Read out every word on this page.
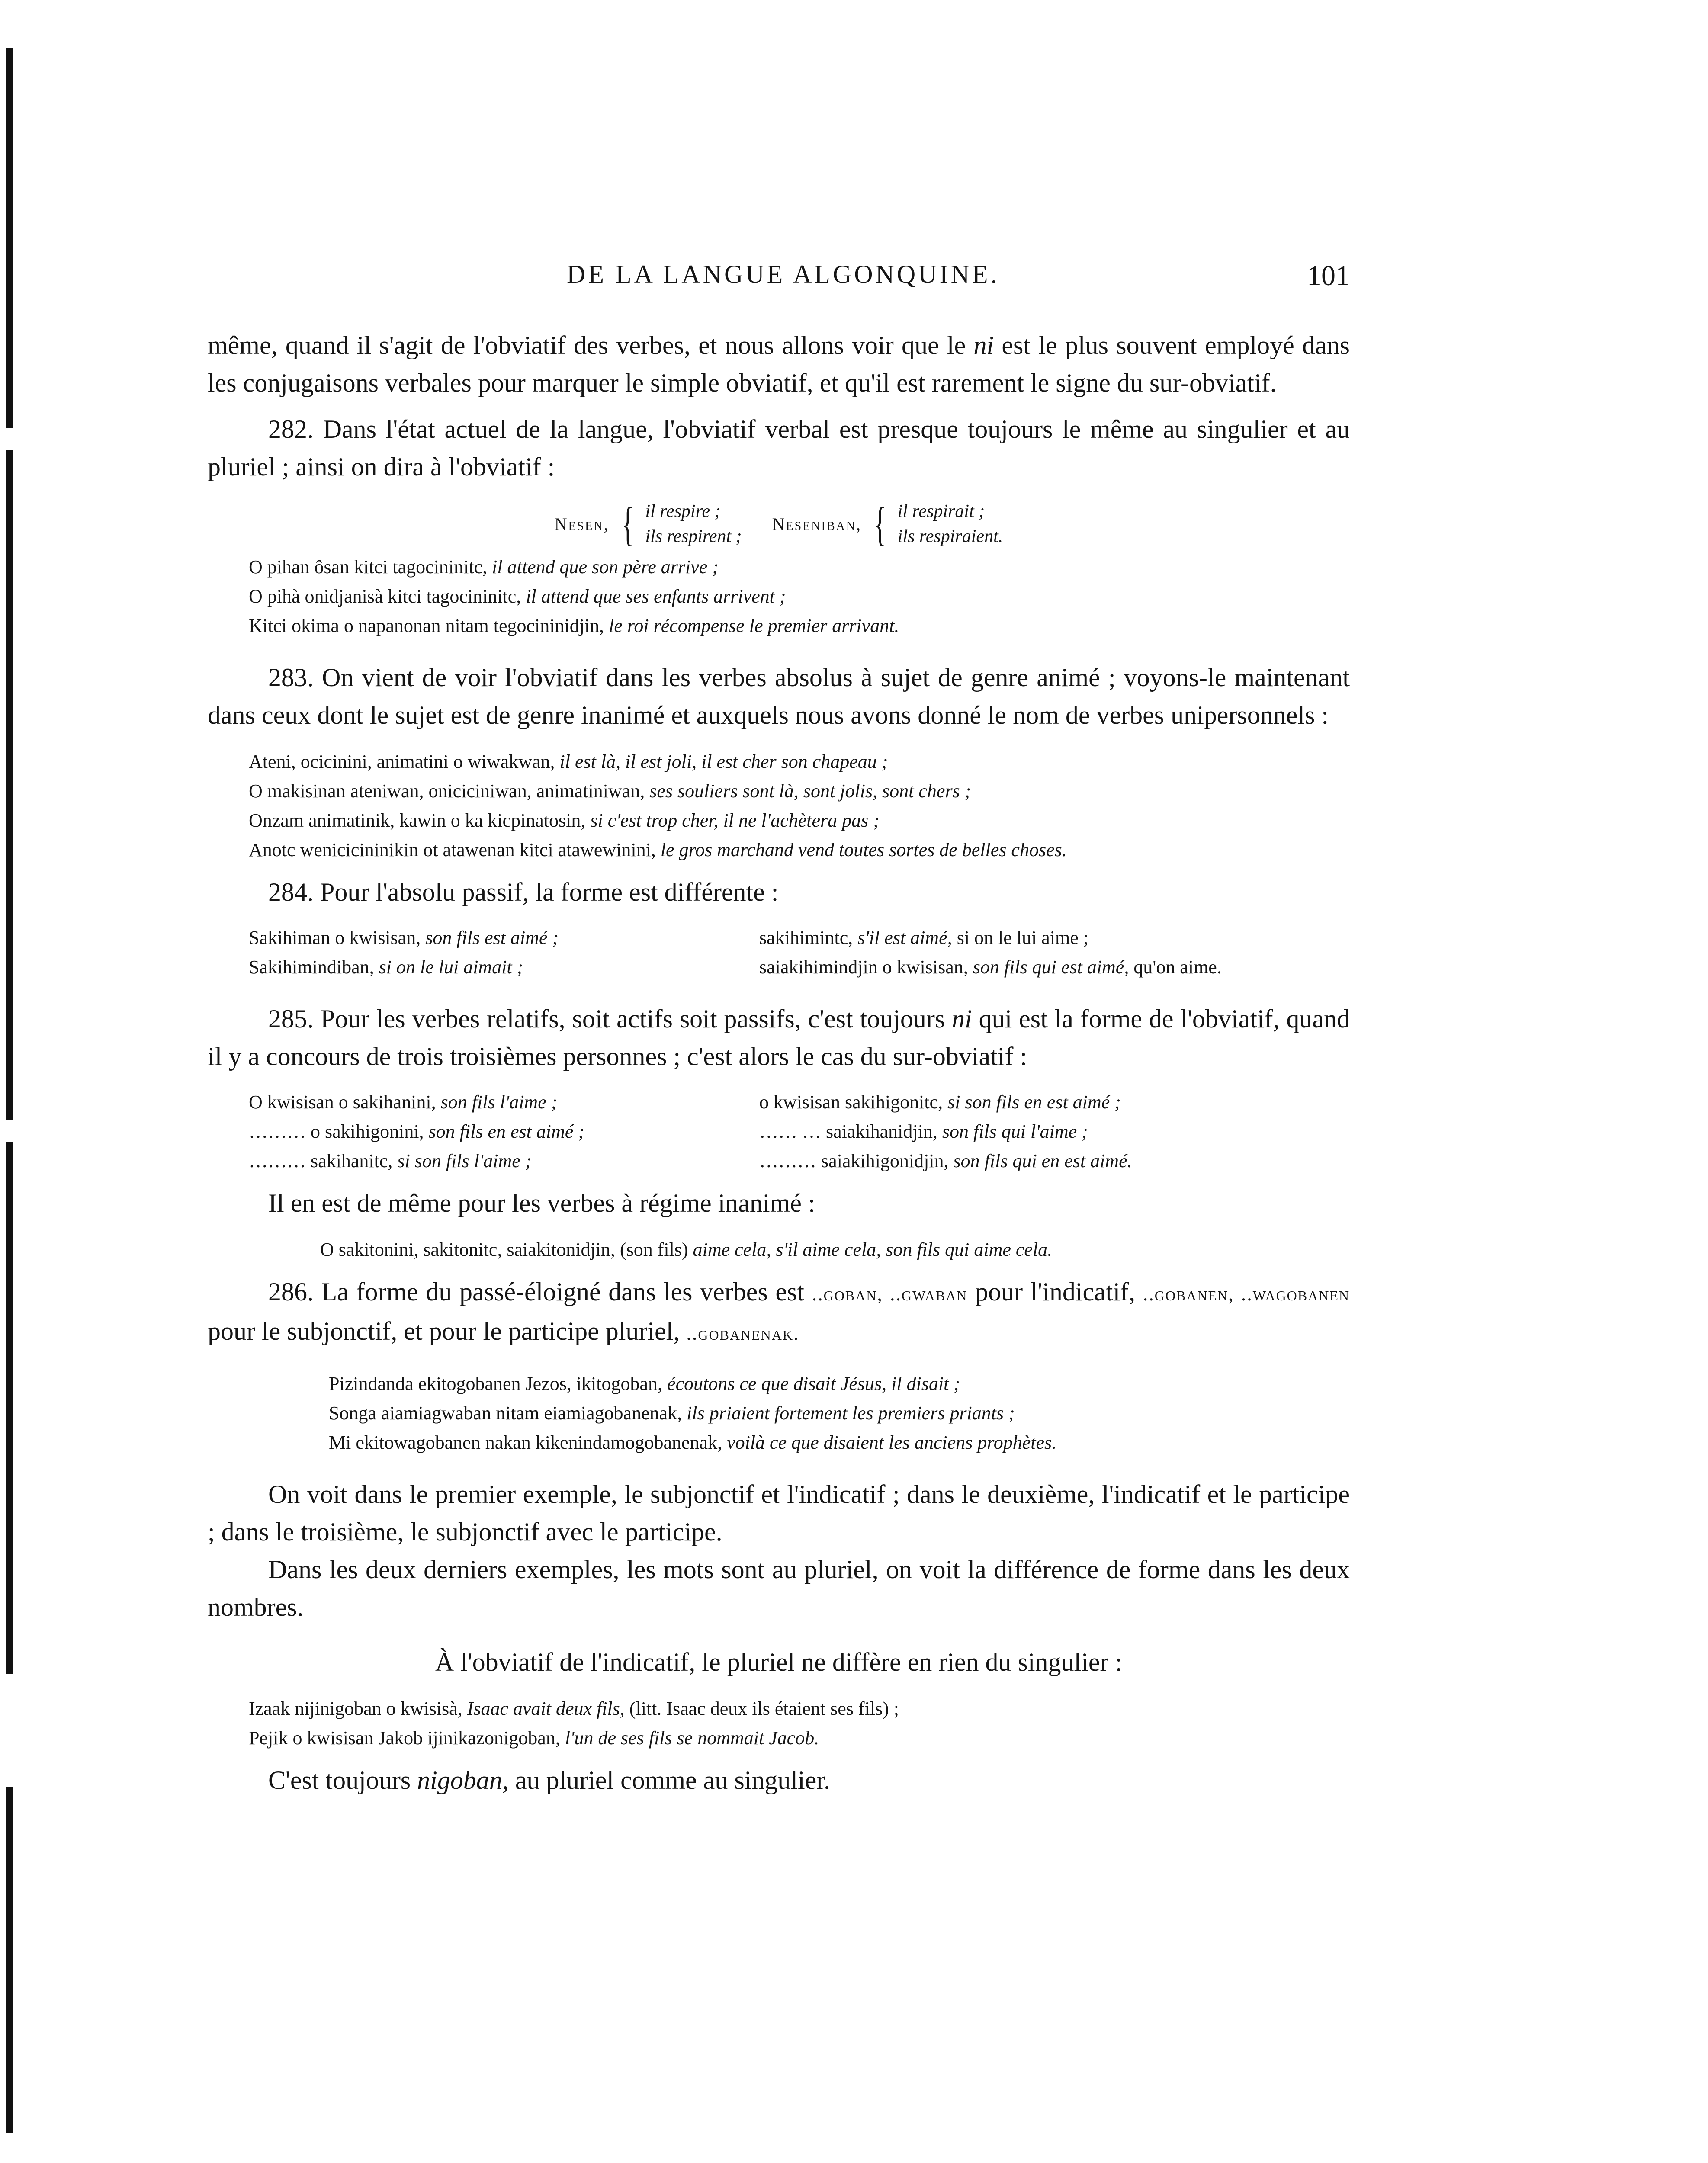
DE LA LANGUE ALGONQUINE.	101

même, quand il s'agit de l'obviatif des verbes, et nous allons voir que le ni est le plus souvent employé dans les conjugaisons verbales pour marquer le simple obviatif, et qu'il est rarement le signe du sur-obviatif.

282. Dans l'état actuel de la langue, l'obviatif verbal est presque toujours le même au singulier et au pluriel ; ainsi on dira à l'obviatif :

Nesen, { il respire ;
ils respirent ;
Neseniban, { il respirait ;
ils respiraient.
O pihan ôsan kitci tagocininitc, il attend que son père arrive ;
O pihà onidjanisà kitci tagocininitc, il attend que ses enfants arrivent ;
Kitci okima o napanonan nitam tegocininidjin, le roi récompense le premier arrivant.

283. On vient de voir l'obviatif dans les verbes absolus à sujet de genre animé ; voyons-le maintenant dans ceux dont le sujet est de genre inanimé et auxquels nous avons donné le nom de verbes unipersonnels :

Ateni, ocicinini, animatini o wiwakwan, il est là, il est joli, il est cher son chapeau ;
O makisinan ateniwan, oniciciniwan, animatiniwan, ses souliers sont là, sont jolis, sont chers ;
Onzam animatinik, kawin o ka kicpinatosin, si c'est trop cher, il ne l'achètera pas ;
Anotc wenicicininikin ot atawenan kitci atawewinini, le gros marchand vend toutes sortes de belles choses.

284. Pour l'absolu passif, la forme est différente :

Sakihiman o kwisisan, son fils est aimé ;
Sakihimindiban, si on le lui aimait ;
sakihimintc, s'il est aimé, si on le lui aime ;
saiakihimindjin o kwisisan, son fils qui est aimé, qu'on aime.

285. Pour les verbes relatifs, soit actifs soit passifs, c'est toujours ni qui est la forme de l'obviatif, quand il y a concours de trois troisièmes personnes ; c'est alors le cas du sur-obviatif :

O kwisisan o sakihanini, son fils l'aime ;
……… o sakihigonini, son fils en est aimé ;
……… sakihanitc, si son fils l'aime ;
o kwisisan sakihigonitc, si son fils en est aimé ;
…… … saiakihanidjin, son fils qui l'aime ;
……… saiakihigonidjin, son fils qui en est aimé.

Il en est de même pour les verbes à régime inanimé :

O sakitonini, sakitonitc, saiakitonidjin, (son fils) aime cela, s'il aime cela, son fils qui aime cela.

286. La forme du passé-éloigné dans les verbes est ..goban, ..gwaban pour l'indicatif, ..gobanen, ..wagobanen pour le subjonctif, et pour le participe pluriel, ..gobanenak.

Pizindanda ekitogobanen Jezos, ikitogoban, écoutons ce que disait Jésus, il disait ;
Songa aiamiagwaban nitam eiamiagobanenak, ils priaient fortement les premiers priants ;
Mi ekitowagobanen nakan kikenindamogobanenak, voilà ce que disaient les anciens prophètes.

On voit dans le premier exemple, le subjonctif et l'indicatif ; dans le deuxième, l'indicatif et le participe ; dans le troisième, le subjonctif avec le participe.

Dans les deux derniers exemples, les mots sont au pluriel, on voit la différence de forme dans les deux nombres.

À l'obviatif de l'indicatif, le pluriel ne diffère en rien du singulier :

Izaak nijinigoban o kwisisà, Isaac avait deux fils, (litt. Isaac deux ils étaient ses fils) ;
Pejik o kwisisan Jakob ijinikazonigoban, l'un de ses fils se nommait Jacob.

C'est toujours nigoban, au pluriel comme au singulier.
